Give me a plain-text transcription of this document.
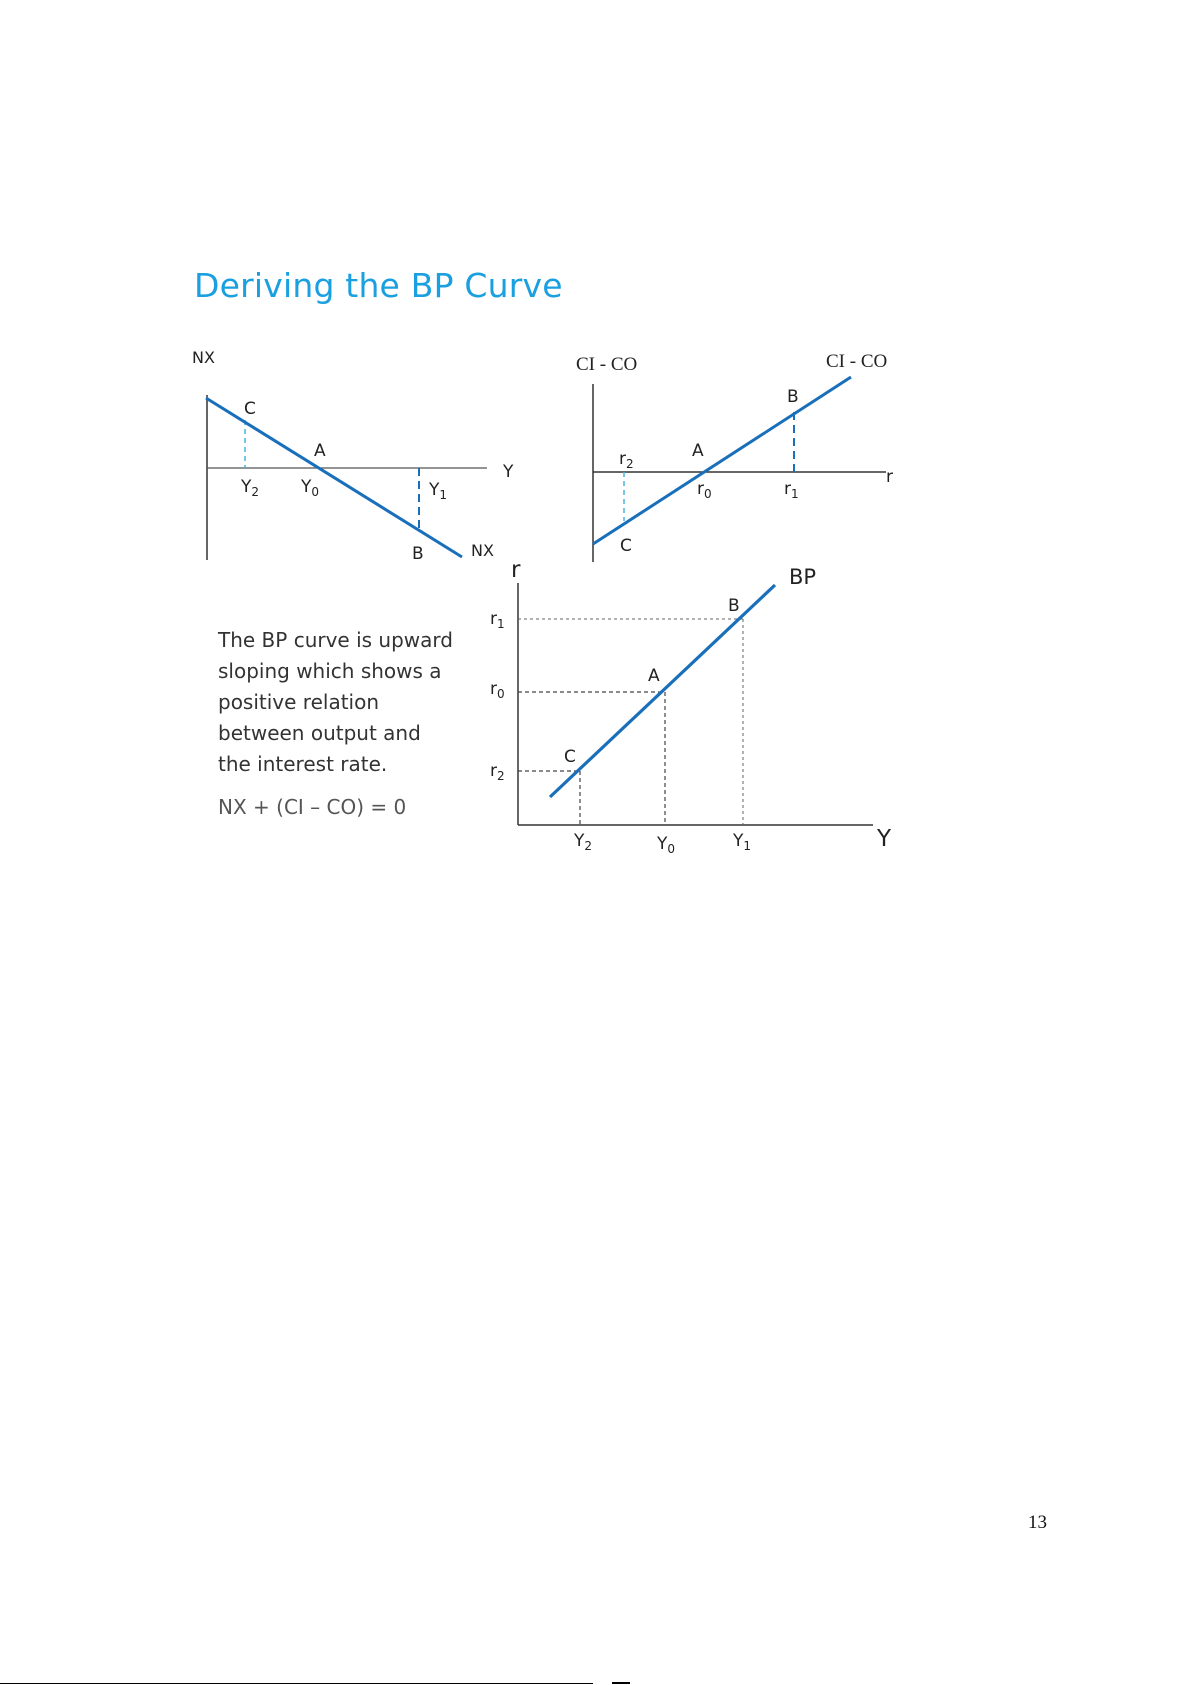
Deriving the BP Curve
NX
Y
NX
C
A
B
$Y_2$ $Y_0$	$Y_1$
CI - CO
r
CI - CO
C
A
B
$r_2$
$r_0$	$r_1$
r
Y
BP
C
A
B
$r_1$
$r_0$
$r_2$
$Y_2$	$Y_0$	$Y_1$

The BP curve is upward

sloping which shows a

positive relation

between output and

the interest rate.

NX + (CI – CO) = 0
13
